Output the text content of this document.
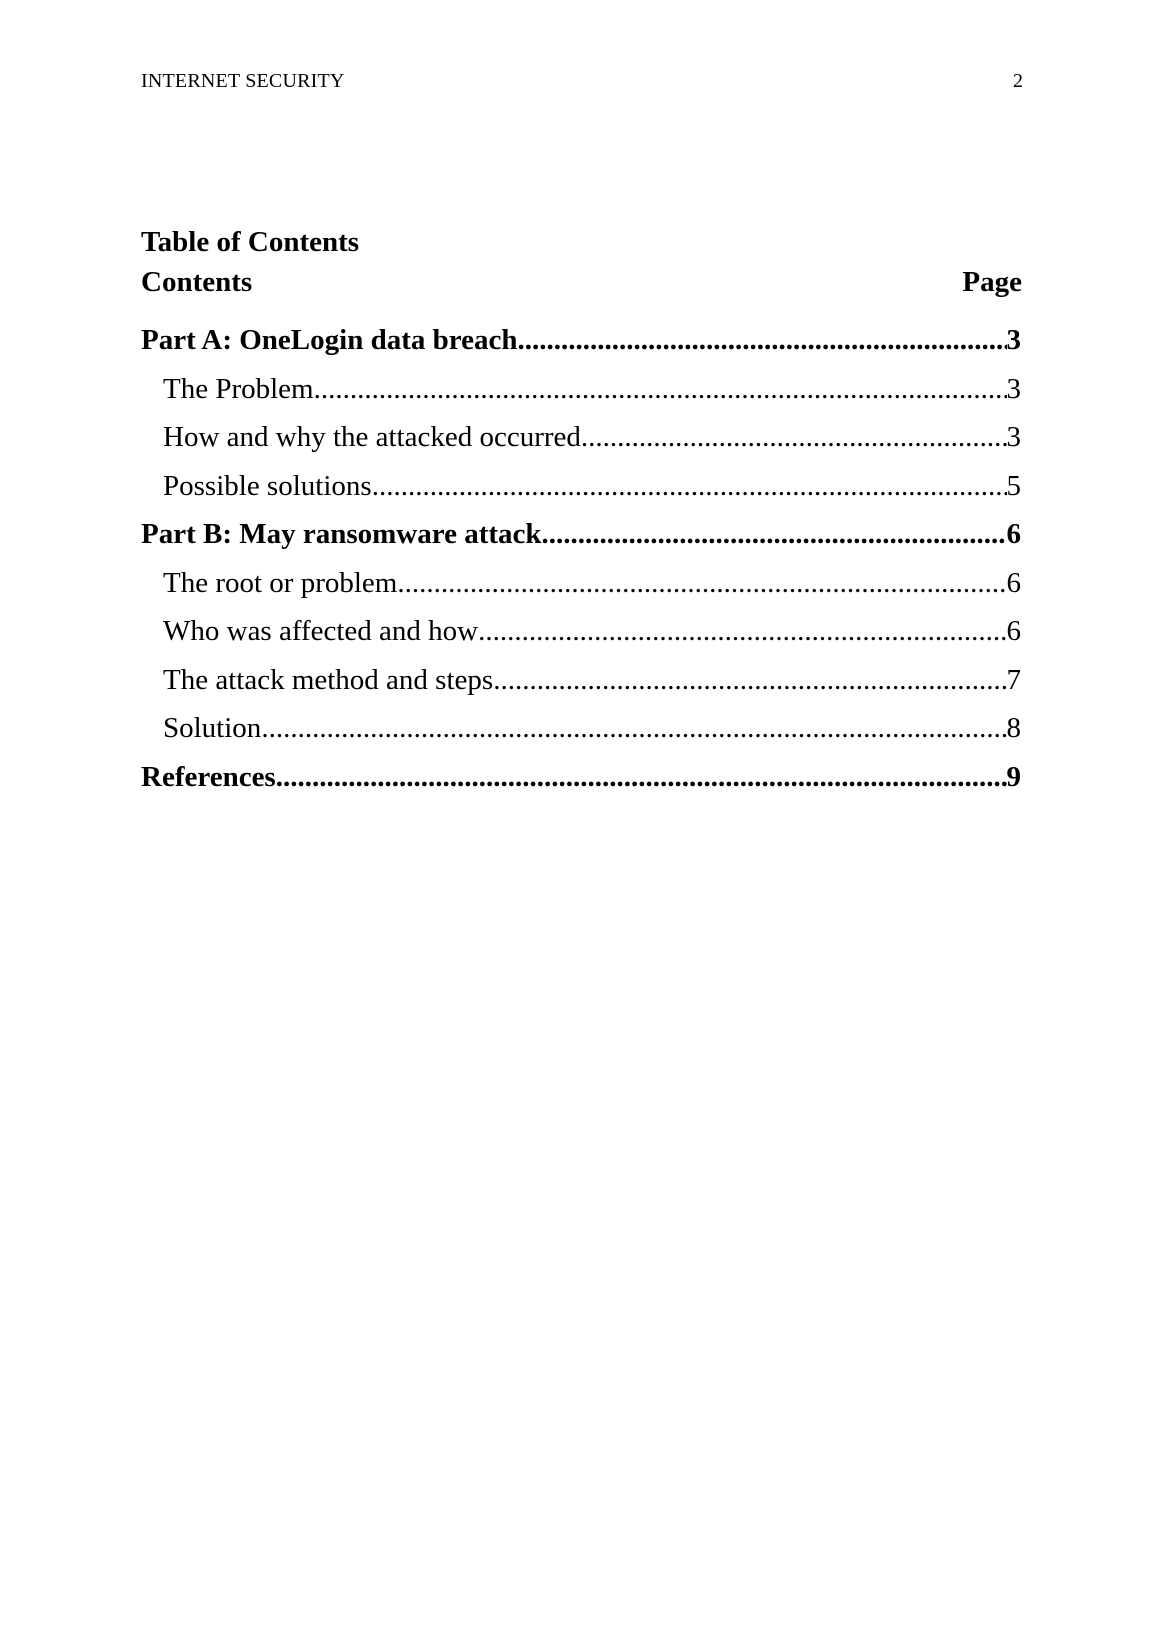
INTERNET SECURITY	2
Table of Contents
Contents	Page
Part A: OneLogin data breach .....	3
The Problem .....	3
How and why the attacked occurred .....	3
Possible solutions .....	5
Part B: May ransomware attack .....	6
The root or problem .....	6
Who was affected and how .....	6
The attack method and steps .....	7
Solution .....	8
References .....	9
